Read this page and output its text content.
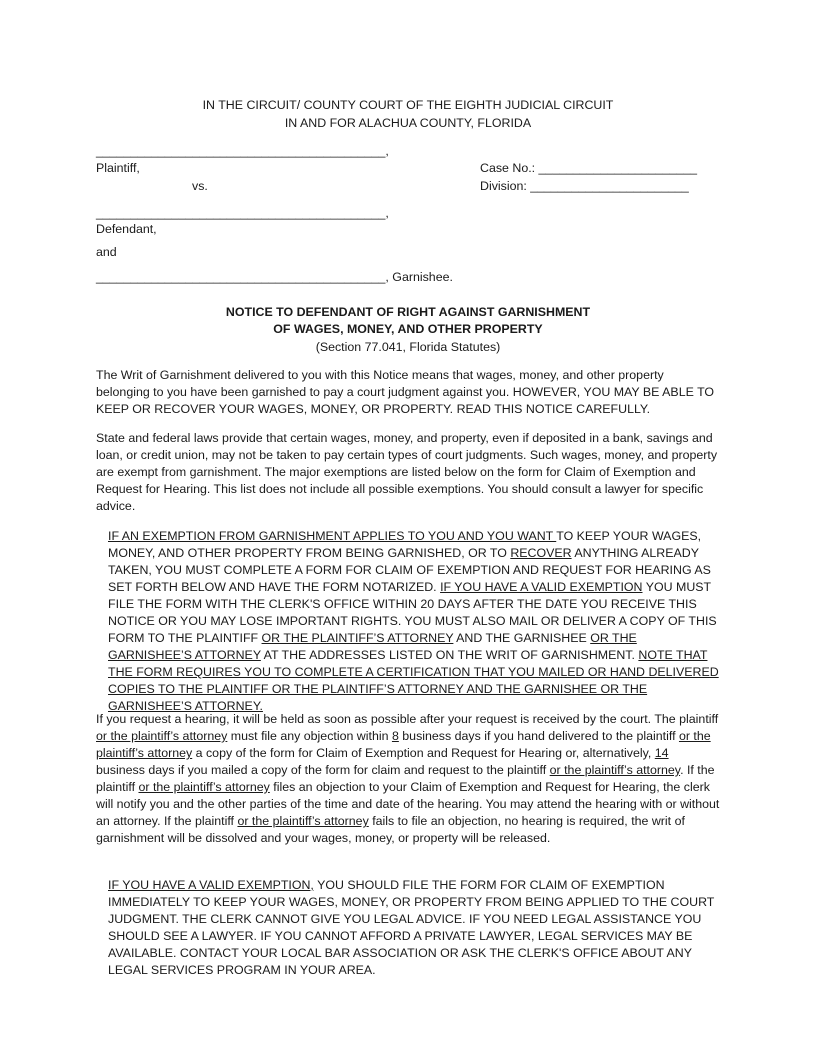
IN THE CIRCUIT/ COUNTY COURT OF THE EIGHTH JUDICIAL CIRCUIT
IN AND FOR ALACHUA COUNTY, FLORIDA
__________________________________________,
Plaintiff,	Case No.: _______________________
vs.	Division: _______________________
__________________________________________,
Defendant,
and
__________________________________________, Garnishee.
NOTICE TO DEFENDANT OF RIGHT AGAINST GARNISHMENT
OF WAGES, MONEY, AND OTHER PROPERTY
(Section 77.041, Florida Statutes)
The Writ of Garnishment delivered to you with this Notice means that wages, money, and other property belonging to you have been garnished to pay a court judgment against you. HOWEVER, YOU MAY BE ABLE TO KEEP OR RECOVER YOUR WAGES, MONEY, OR PROPERTY. READ THIS NOTICE CAREFULLY.
State and federal laws provide that certain wages, money, and property, even if deposited in a bank, savings and loan, or credit union, may not be taken to pay certain types of court judgments. Such wages, money, and property are exempt from garnishment. The major exemptions are listed below on the form for Claim of Exemption and Request for Hearing. This list does not include all possible exemptions. You should consult a lawyer for specific advice.
IF AN EXEMPTION FROM GARNISHMENT APPLIES TO YOU AND YOU WANT TO KEEP YOUR WAGES, MONEY, AND OTHER PROPERTY FROM BEING GARNISHED, OR TO RECOVER ANYTHING ALREADY TAKEN, YOU MUST COMPLETE A FORM FOR CLAIM OF EXEMPTION AND REQUEST FOR HEARING AS SET FORTH BELOW AND HAVE THE FORM NOTARIZED. IF YOU HAVE A VALID EXEMPTION YOU MUST FILE THE FORM WITH THE CLERK'S OFFICE WITHIN 20 DAYS AFTER THE DATE YOU RECEIVE THIS NOTICE OR YOU MAY LOSE IMPORTANT RIGHTS. YOU MUST ALSO MAIL OR DELIVER A COPY OF THIS FORM TO THE PLAINTIFF OR THE PLAINTIFF’S ATTORNEY AND THE GARNISHEE OR THE GARNISHEE’S ATTORNEY AT THE ADDRESSES LISTED ON THE WRIT OF GARNISHMENT. NOTE THAT THE FORM REQUIRES YOU TO COMPLETE A CERTIFICATION THAT YOU MAILED OR HAND DELIVERED COPIES TO THE PLAINTIFF OR THE PLAINTIFF’S ATTORNEY AND THE GARNISHEE OR THE GARNISHEE’S ATTORNEY.
If you request a hearing, it will be held as soon as possible after your request is received by the court. The plaintiff or the plaintiff’s attorney must file any objection within 8 business days if you hand delivered to the plaintiff or the plaintiff’s attorney a copy of the form for Claim of Exemption and Request for Hearing or, alternatively, 14 business days if you mailed a copy of the form for claim and request to the plaintiff or the plaintiff’s attorney. If the plaintiff or the plaintiff’s attorney files an objection to your Claim of Exemption and Request for Hearing, the clerk will notify you and the other parties of the time and date of the hearing. You may attend the hearing with or without an attorney. If the plaintiff or the plaintiff’s attorney fails to file an objection, no hearing is required, the writ of garnishment will be dissolved and your wages, money, or property will be released.
IF YOU HAVE A VALID EXEMPTION, YOU SHOULD FILE THE FORM FOR CLAIM OF EXEMPTION IMMEDIATELY TO KEEP YOUR WAGES, MONEY, OR PROPERTY FROM BEING APPLIED TO THE COURT JUDGMENT. THE CLERK CANNOT GIVE YOU LEGAL ADVICE. IF YOU NEED LEGAL ASSISTANCE YOU SHOULD SEE A LAWYER. IF YOU CANNOT AFFORD A PRIVATE LAWYER, LEGAL SERVICES MAY BE AVAILABLE. CONTACT YOUR LOCAL BAR ASSOCIATION OR ASK THE CLERK'S OFFICE ABOUT ANY LEGAL SERVICES PROGRAM IN YOUR AREA.
